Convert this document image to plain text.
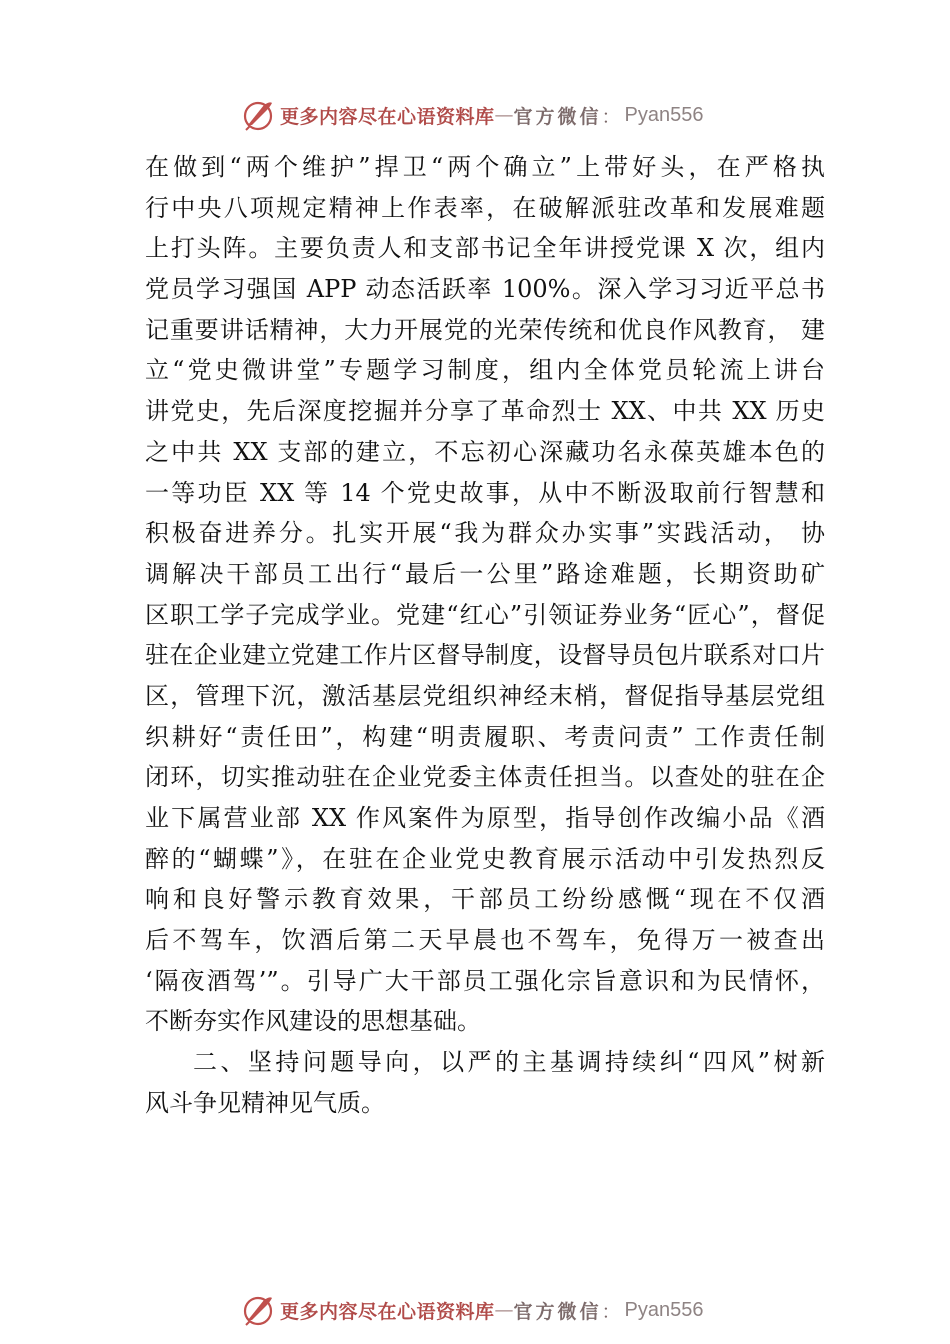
更多内容尽在心语资料库 — 官方微信 ： Pyan556
在做到“两个维护”捍卫“两个确立”上带好头，在严格执
行中央八项规定精神上作表率，在破解派驻改革和发展难题
上打头阵。主要负责人和支部书记全年讲授党课 X 次，组内
党员学习强国 APP 动态活跃率 100%。深入学习习近平总书
记重要讲话精神，大力开展党的光荣传统和优良作风教育， 建
立“党史微讲堂”专题学习制度，组内全体党员轮流上讲台
讲党史，先后深度挖掘并分享了革命烈士 XX、中共 XX 历史
之中共 XX 支部的建立，不忘初心深藏功名永葆英雄本色的
一等功臣 XX 等 14 个党史故事，从中不断汲取前行智慧和
积极奋进养分。扎实开展“我为群众办实事”实践活动， 协
调解决干部员工出行“最后一公里”路途难题，长期资助矿
区职工学子完成学业。党建“红心”引领证券业务“匠心”，督促
驻在企业建立党建工作片区督导制度，设督导员包片联系对口片
区，管理下沉，激活基层党组织神经末梢，督促指导基层党组
织耕好“责任田”，构建“明责履职、考责问责” 工作责任制
闭环，切实推动驻在企业党委主体责任担当。以查处的驻在企
业下属营业部 XX 作风案件为原型，指导创作改编小品《酒
醉的“蝴蝶”》，在驻在企业党史教育展示活动中引发热烈反
响和良好警示教育效果，干部员工纷纷感慨“现在不仅酒
后不驾车，饮酒后第二天早晨也不驾车，免得万一被查出
‘隔夜酒驾’”。引导广大干部员工强化宗旨意识和为民情怀，
不断夯实作风建设的思想基础。
二、坚持问题导向，以严的主基调持续纠“四风”树新
风斗争见精神见气质。
更多内容尽在心语资料库 — 官方微信 ： Pyan556
